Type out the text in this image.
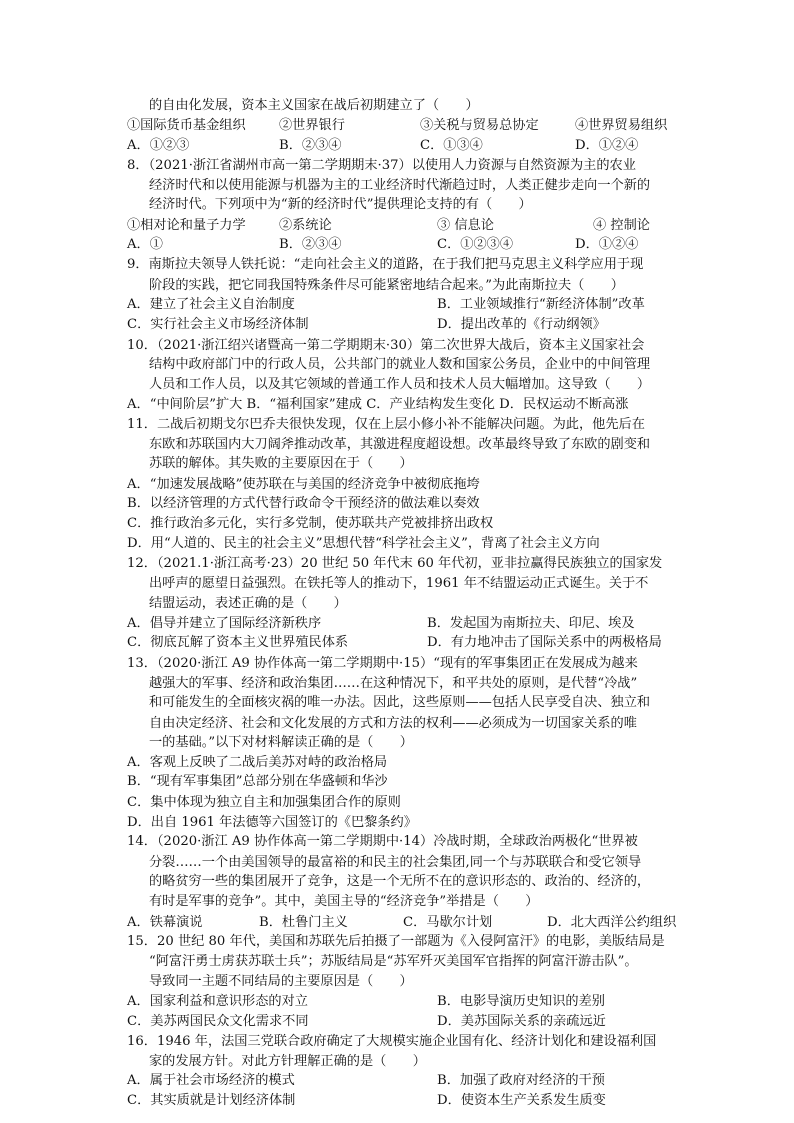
的自由化发展，资本主义国家在战后初期建立了（　　）
①国际货币基金组织	②世界银行	③关税与贸易总协定	④世界贸易组织
A．①②③	B．②③④	C．①③④	D．①②④
8．（2021·浙江省湖州市高一第二学期期末·37）以使用人力资源与自然资源为主的农业
经济时代和以使用能源与机器为主的工业经济时代渐趋过时，人类正健步走向一个新的
经济时代。下列项中为“新的经济时代”提供理论支持的有（　　）
①相对论和量子力学	②系统论	③ 信息论	④ 控制论
A．①	B．②③④	C．①②③④	D．①②④
9．南斯拉夫领导人铁托说：“走向社会主义的道路，在于我们把马克思主义科学应用于现
阶段的实践，把它同我国特殊条件尽可能紧密地结合起来。”为此南斯拉夫（　　）
A．建立了社会主义自治制度	B．工业领域推行“新经济体制”改革
C．实行社会主义市场经济体制	D．提出改革的《行动纲领》
10．（2021·浙江绍兴诸暨高一第二学期期末·30）第二次世界大战后，资本主义国家社会
结构中政府部门中的行政人员，公共部门的就业人数和国家公务员，企业中的中间管理
人员和工作人员，以及其它领域的普通工作人员和技术人员大幅增加。这导致（　　）
A．“中间阶层”扩大 B．“福利国家”建成 C．产业结构发生变化 D．民权运动不断高涨
11．二战后初期戈尔巴乔夫很快发现，仅在上层小修小补不能解决问题。为此，他先后在
东欧和苏联国内大刀阔斧推动改革，其激进程度超设想。改革最终导致了东欧的剧变和
苏联的解体。其失败的主要原因在于（　　）
A．“加速发展战略”使苏联在与美国的经济竞争中被彻底拖垮
B．以经济管理的方式代替行政命令干预经济的做法难以奏效
C．推行政治多元化，实行多党制，使苏联共产党被排挤出政权
D．用“人道的、民主的社会主义”思想代替“科学社会主义”，背离了社会主义方向
12．（2021.1·浙江高考·23）20 世纪 50 年代末 60 年代初，亚非拉赢得民族独立的国家发
出呼声的愿望日益强烈。在铁托等人的推动下，1961 年不结盟运动正式诞生。关于不
结盟运动，表述正确的是（　　）
A．倡导并建立了国际经济新秩序	B．发起国为南斯拉夫、印尼、埃及
C．彻底瓦解了资本主义世界殖民体系	D．有力地冲击了国际关系中的两极格局
13．（2020·浙江 A9 协作体高一第二学期期中·15）“现有的军事集团正在发展成为越来
越强大的军事、经济和政治集团……在这种情况下，和平共处的原则，是代替“冷战”
和可能发生的全面核灾祸的唯一办法。因此，这些原则——包括人民享受自决、独立和
自由决定经济、社会和文化发展的方式和方法的权利——必须成为一切国家关系的唯
一的基础。”以下对材料解读正确的是（　　）
A．客观上反映了二战后美苏对峙的政治格局
B．“现有军事集团”总部分别在华盛顿和华沙
C．集中体现为独立自主和加强集团合作的原则
D．出自 1961 年法德等六国签订的《巴黎条约》
14．（2020·浙江 A9 协作体高一第二学期期中·14）冷战时期，全球政治两极化“世界被
分裂……一个由美国领导的最富裕的和民主的社会集团,同一个与苏联联合和受它领导
的略贫穷一些的集团展开了竞争，这是一个无所不在的意识形态的、政治的、经济的，
有时是军事的竞争”。其中，美国主导的“经济竞争”举措是（　　）
A．铁幕演说	B．杜鲁门主义	C．马歇尔计划	D．北大西洋公约组织
15．20 世纪 80 年代，美国和苏联先后拍摄了一部题为《入侵阿富汗》的电影，美版结局是
“阿富汗勇士虏获苏联士兵”；苏版结局是“苏军歼灭美国军官指挥的阿富汗游击队”。
导致同一主题不同结局的主要原因是（　　）
A．国家利益和意识形态的对立	B．电影导演历史知识的差别
C．美苏两国民众文化需求不同	D．美苏国际关系的亲疏远近
16．1946 年，法国三党联合政府确定了大规模实施企业国有化、经济计划化和建设福利国
家的发展方针。对此方针理解正确的是（　　）
A．属于社会市场经济的模式	B．加强了政府对经济的干预
C．其实质就是计划经济体制	D．使资本生产关系发生质变
